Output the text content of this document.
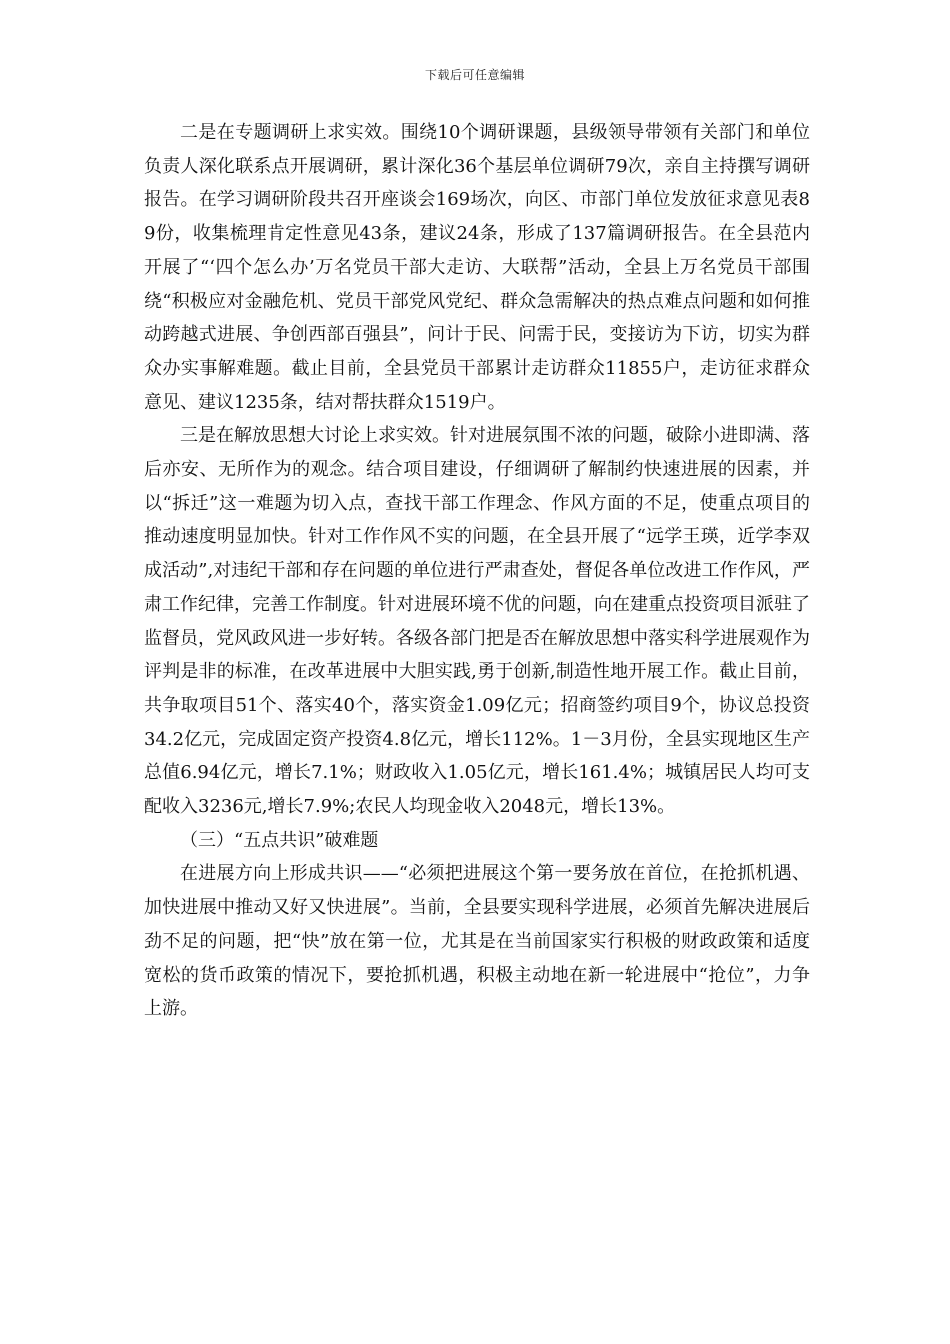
下载后可任意编辑

二是在专题调研上求实效。围绕10个调研课题，县级领导带领有关部门和单位负责人深化联系点开展调研，累计深化36个基层单位调研79次，亲自主持撰写调研报告。在学习调研阶段共召开座谈会169场次，向区、市部门单位发放征求意见表89份，收集梳理肯定性意见43条，建议24条，形成了137篇调研报告。在全县范内开展了“‘四个怎么办’万名党员干部大走访、大联帮”活动，全县上万名党员干部围绕“积极应对金融危机、党员干部党风党纪、群众急需解决的热点难点问题和如何推动跨越式进展、争创西部百强县”，问计于民、问需于民，变接访为下访，切实为群众办实事解难题。截止目前，全县党员干部累计走访群众11855户，走访征求群众意见、建议1235条，结对帮扶群众1519户。

三是在解放思想大讨论上求实效。针对进展氛围不浓的问题，破除小进即满、落后亦安、无所作为的观念。结合项目建设，仔细调研了解制约快速进展的因素，并以“拆迁”这一难题为切入点，查找干部工作理念、作风方面的不足，使重点项目的推动速度明显加快。针对工作作风不实的问题，在全县开展了“远学王瑛，近学李双成活动”,对违纪干部和存在问题的单位进行严肃查处，督促各单位改进工作作风，严肃工作纪律，完善工作制度。针对进展环境不优的问题，向在建重点投资项目派驻了监督员，党风政风进一步好转。各级各部门把是否在解放思想中落实科学进展观作为评判是非的标准，在改革进展中大胆实践,勇于创新,制造性地开展工作。截止目前，共争取项目51个、落实40个，落实资金1.09亿元；招商签约项目9个，协议总投资34.2亿元，完成固定资产投资4.8亿元，增长112%。1－3月份，全县实现地区生产总值6.94亿元，增长7.1%；财政收入1.05亿元，增长161.4%；城镇居民人均可支配收入3236元,增长7.9%;农民人均现金收入2048元，增长13%。

（三）“五点共识”破难题

在进展方向上形成共识——“必须把进展这个第一要务放在首位，在抢抓机遇、加快进展中推动又好又快进展”。当前，全县要实现科学进展，必须首先解决进展后劲不足的问题，把“快”放在第一位，尤其是在当前国家实行积极的财政政策和适度宽松的货币政策的情况下，要抢抓机遇，积极主动地在新一轮进展中“抢位”，力争上游。
